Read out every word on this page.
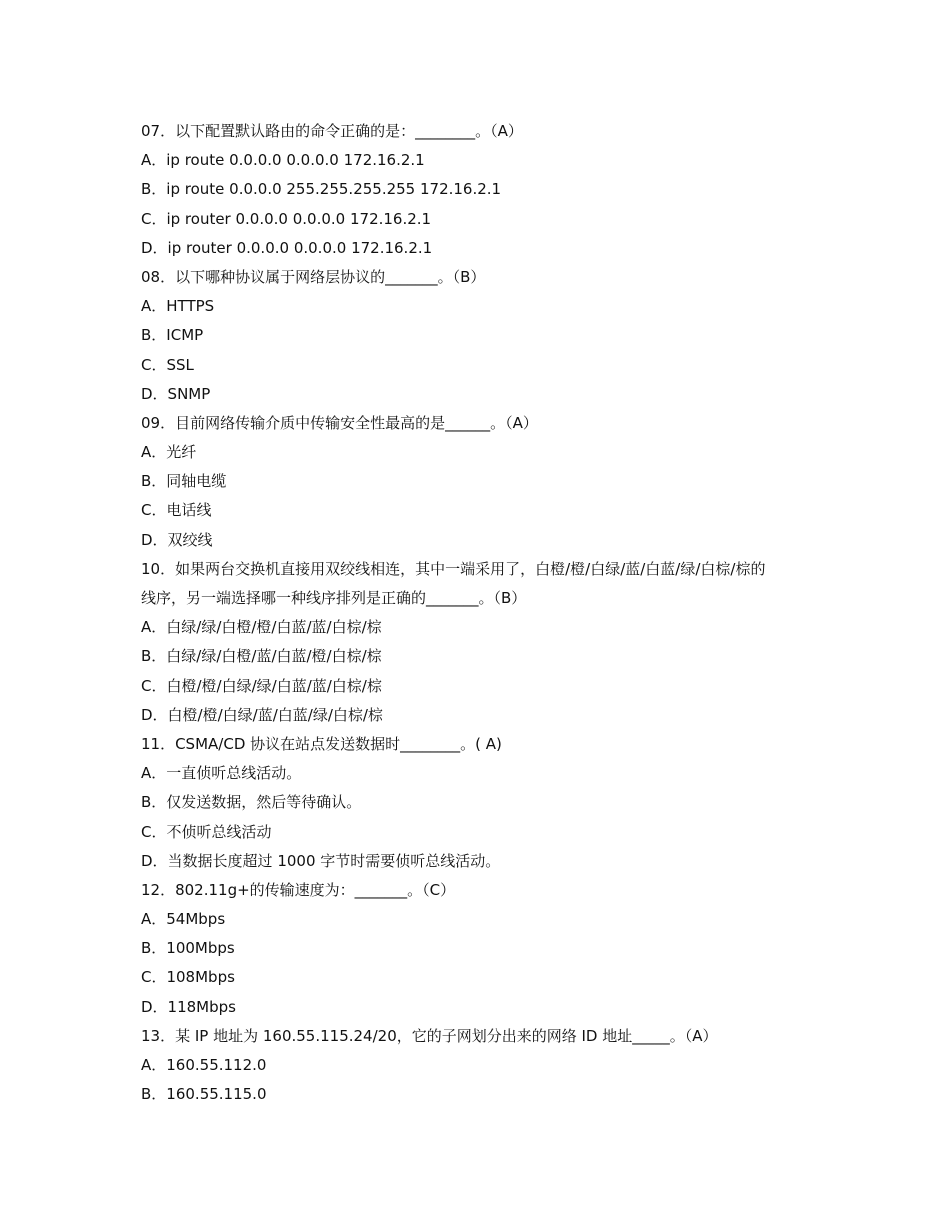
07．以下配置默认路由的命令正确的是：________。（A）
A．ip route 0.0.0.0 0.0.0.0 172.16.2.1
B．ip route 0.0.0.0 255.255.255.255 172.16.2.1
C．ip router 0.0.0.0 0.0.0.0 172.16.2.1
D．ip router 0.0.0.0 0.0.0.0 172.16.2.1
08．以下哪种协议属于网络层协议的_______。（B）
A．HTTPS
B．ICMP
C．SSL
D．SNMP
09．目前网络传输介质中传输安全性最高的是______。（A）
A．光纤
B．同轴电缆
C．电话线
D．双绞线
10．如果两台交换机直接用双绞线相连，其中一端采用了，白橙/橙/白绿/蓝/白蓝/绿/白棕/棕的
线序，另一端选择哪一种线序排列是正确的_______。（B）
A．白绿/绿/白橙/橙/白蓝/蓝/白棕/棕
B．白绿/绿/白橙/蓝/白蓝/橙/白棕/棕
C．白橙/橙/白绿/绿/白蓝/蓝/白棕/棕
D．白橙/橙/白绿/蓝/白蓝/绿/白棕/棕
11．CSMA/CD 协议在站点发送数据时________。( A)
A．一直侦听总线活动。
B．仅发送数据，然后等待确认。
C．不侦听总线活动
D．当数据长度超过 1000 字节时需要侦听总线活动。
12．802.11g+的传输速度为：_______。（C）
A．54Mbps
B．100Mbps
C．108Mbps
D．118Mbps
13．某 IP 地址为 160.55.115.24/20，它的子网划分出来的网络 ID 地址_____。（A）
A．160.55.112.0
B．160.55.115.0
